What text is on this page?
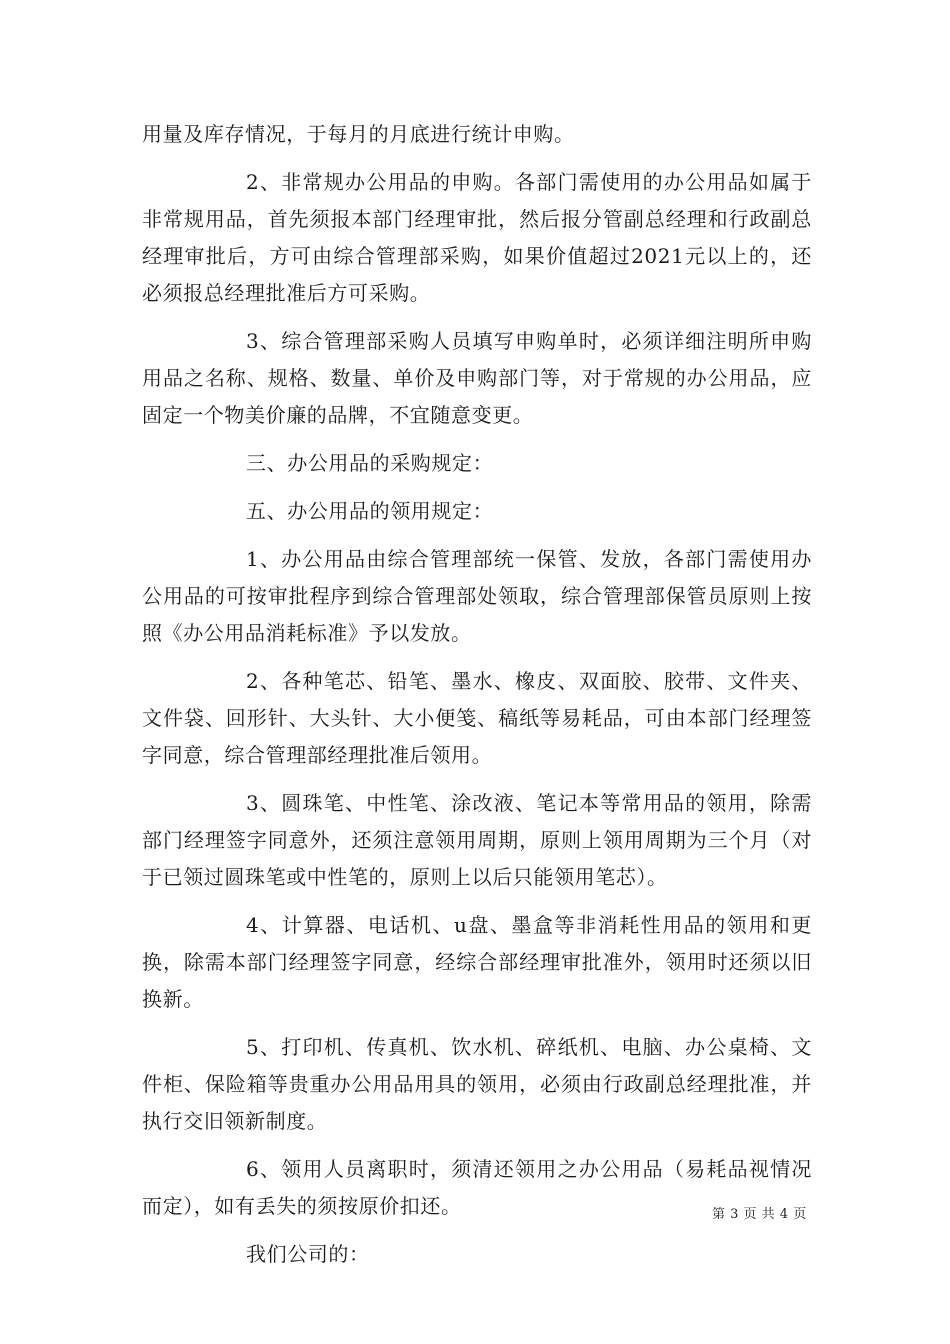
用量及库存情况，于每月的月底进行统计申购。

2、非常规办公用品的申购。各部门需使用的办公用品如属于非常规用品，首先须报本部门经理审批，然后报分管副总经理和行政副总经理审批后，方可由综合管理部采购，如果价值超过2021元以上的，还必须报总经理批准后方可采购。

3、综合管理部采购人员填写申购单时，必须详细注明所申购用品之名称、规格、数量、单价及申购部门等，对于常规的办公用品，应固定一个物美价廉的品牌，不宜随意变更。

三、办公用品的采购规定：

五、办公用品的领用规定：

1、办公用品由综合管理部统一保管、发放，各部门需使用办公用品的可按审批程序到综合管理部处领取，综合管理部保管员原则上按照《办公用品消耗标准》予以发放。

2、各种笔芯、铅笔、墨水、橡皮、双面胶、胶带、文件夹、文件袋、回形针、大头针、大小便笺、稿纸等易耗品，可由本部门经理签字同意，综合管理部经理批准后领用。

3、圆珠笔、中性笔、涂改液、笔记本等常用品的领用，除需部门经理签字同意外，还须注意领用周期，原则上领用周期为三个月（对于已领过圆珠笔或中性笔的，原则上以后只能领用笔芯）。

4、计算器、电话机、u盘、墨盒等非消耗性用品的领用和更换，除需本部门经理签字同意，经综合部经理审批准外，领用时还须以旧换新。

5、打印机、传真机、饮水机、碎纸机、电脑、办公桌椅、文件柜、保险箱等贵重办公用品用具的领用，必须由行政副总经理批准，并执行交旧领新制度。

6、领用人员离职时，须清还领用之办公用品（易耗品视情况而定），如有丢失的须按原价扣还。

我们公司的：

第 3 页 共 4 页
